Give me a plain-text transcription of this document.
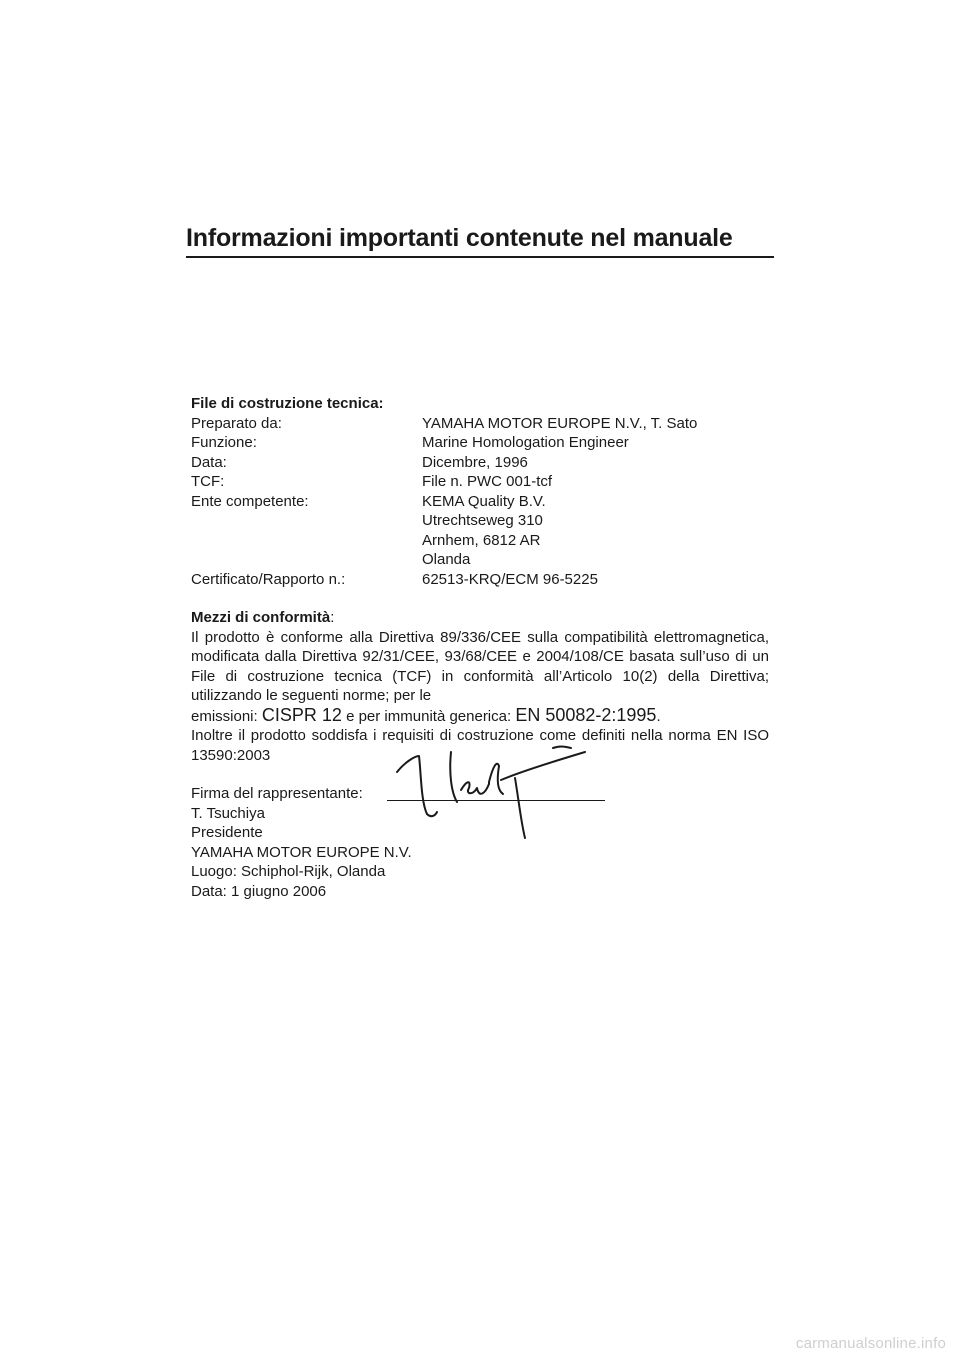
Informazioni importanti contenute nel manuale
File di costruzione tecnica:
Preparato da:	YAMAHA MOTOR EUROPE N.V., T. Sato
Funzione:	Marine Homologation Engineer
Data:	Dicembre, 1996
TCF:	File n. PWC 001-tcf
Ente competente:	KEMA Quality B.V.
Utrechtseweg 310
Arnhem, 6812 AR
Olanda
Certificato/Rapporto n.:	62513-KRQ/ECM 96-5225
Mezzi di conformità:
Il prodotto è conforme alla Direttiva 89/336/CEE sulla compatibilità elettromagnetica, modificata dalla Direttiva 92/31/CEE, 93/68/CEE e 2004/108/CE basata sull’uso di un File di costruzione tecnica (TCF) in conformità all’Articolo 10(2) della Direttiva; utilizzando le seguenti norme; per le
emissioni: CISPR 12 e per immunità generica: EN 50082-2:1995.
Inoltre il prodotto soddisfa i requisiti di costruzione come definiti nella norma EN ISO 13590:2003
Firma del rappresentante:
T. Tsuchiya
Presidente
YAMAHA MOTOR EUROPE N.V.
Luogo: Schiphol-Rijk, Olanda
Data: 1 giugno 2006
carmanualsonline.info
